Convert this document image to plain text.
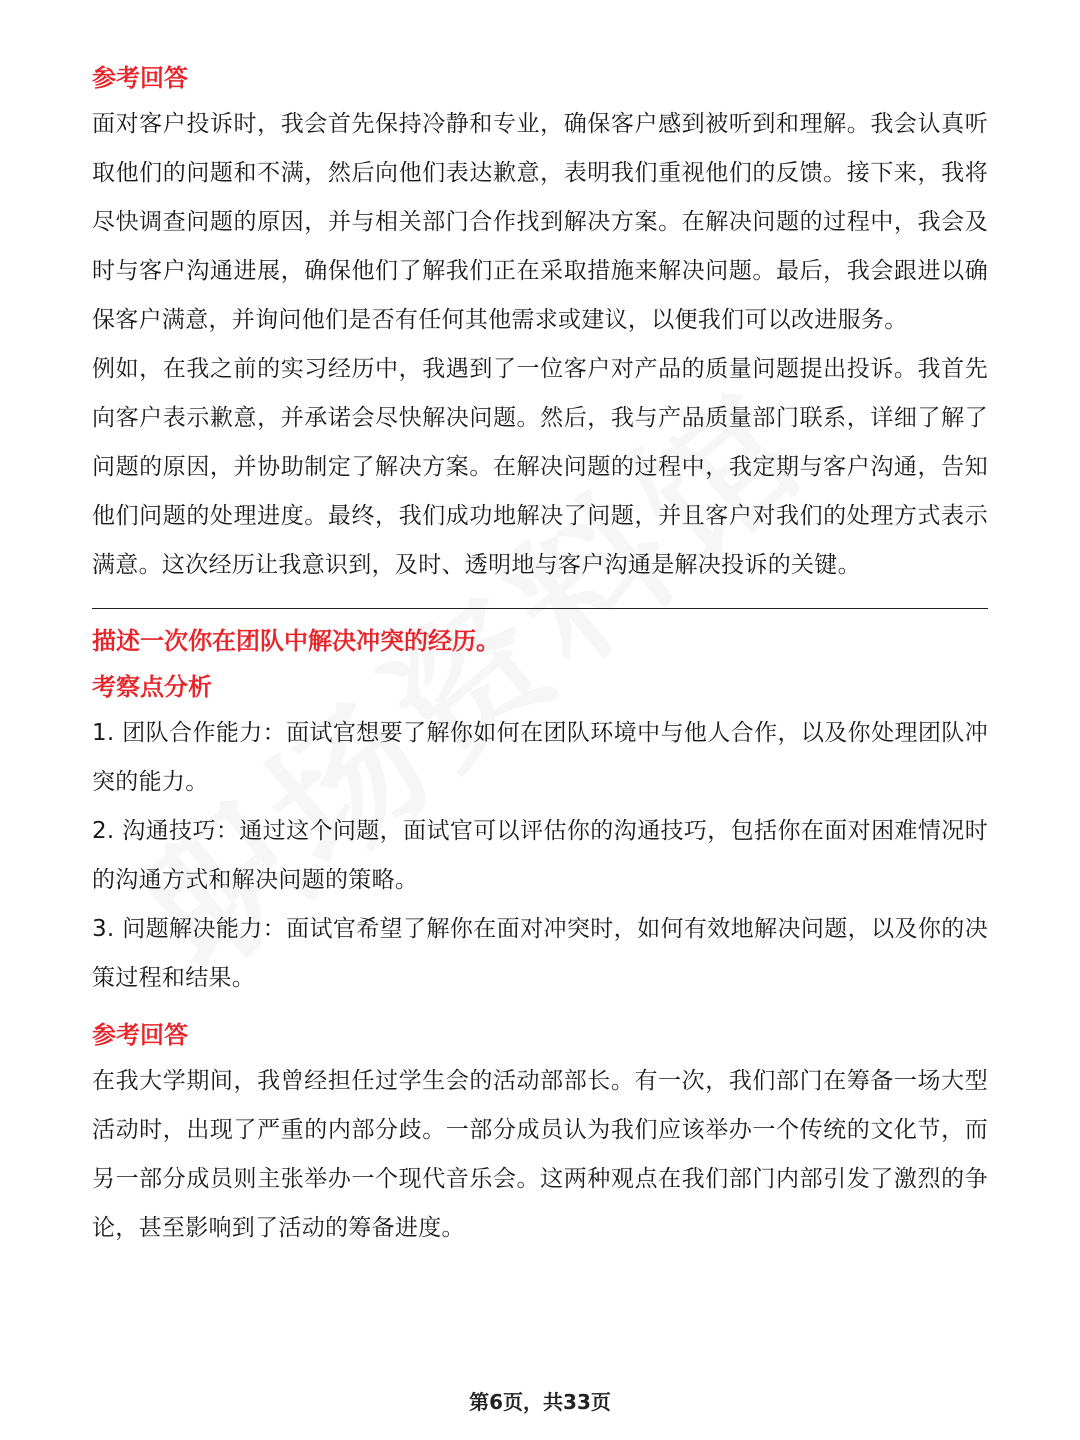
参考回答

面对客户投诉时，我会首先保持冷静和专业，确保客户感到被听到和理解。我会认真听取他们的问题和不满，然后向他们表达歉意，表明我们重视他们的反馈。接下来，我将尽快调查问题的原因，并与相关部门合作找到解决方案。在解决问题的过程中，我会及时与客户沟通进展，确保他们了解我们正在采取措施来解决问题。最后，我会跟进以确保客户满意，并询问他们是否有任何其他需求或建议，以便我们可以改进服务。

例如，在我之前的实习经历中，我遇到了一位客户对产品的质量问题提出投诉。我首先向客户表示歉意，并承诺会尽快解决问题。然后，我与产品质量部门联系，详细了解了问题的原因，并协助制定了解决方案。在解决问题的过程中，我定期与客户沟通，告知他们问题的处理进度。最终，我们成功地解决了问题，并且客户对我们的处理方式表示满意。这次经历让我意识到，及时、透明地与客户沟通是解决投诉的关键。

描述一次你在团队中解决冲突的经历。
考察点分析

1. 团队合作能力：面试官想要了解你如何在团队环境中与他人合作，以及你处理团队冲突的能力。

2. 沟通技巧：通过这个问题，面试官可以评估你的沟通技巧，包括你在面对困难情况时的沟通方式和解决问题的策略。

3. 问题解决能力：面试官希望了解你在面对冲突时，如何有效地解决问题，以及你的决策过程和结果。

参考回答

在我大学期间，我曾经担任过学生会的活动部部长。有一次，我们部门在筹备一场大型活动时，出现了严重的内部分歧。一部分成员认为我们应该举办一个传统的文化节，而另一部分成员则主张举办一个现代音乐会。这两种观点在我们部门内部引发了激烈的争论，甚至影响到了活动的筹备进度。

第6页，共33页
